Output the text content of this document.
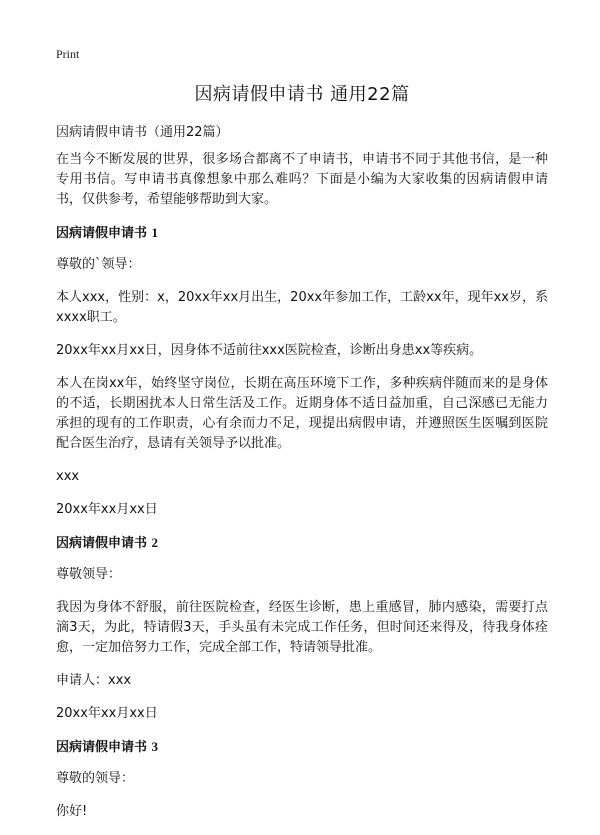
Print
因病请假申请书 通用22篇
因病请假申请书（通用22篇）

在当今不断发展的世界，很多场合都离不了申请书，申请书不同于其他书信，是一种专用书信。写申请书真像想象中那么难吗？下面是小编为大家收集的因病请假申请书，仅供参考，希望能够帮助到大家。

因病请假申请书 1

尊敬的`领导：

本人xxx，性别：x，20xx年xx月出生，20xx年参加工作，工龄xx年，现年xx岁，系xxxx职工。

20xx年xx月xx日，因身体不适前往xxx医院检查，诊断出身患xx等疾病。

本人在岗xx年，始终坚守岗位，长期在高压环境下工作，多种疾病伴随而来的是身体的不适，长期困扰本人日常生活及工作。近期身体不适日益加重，自己深感已无能力承担的现有的工作职责，心有余而力不足，现提出病假申请，并遵照医生医嘱到医院配合医生治疗，恳请有关领导予以批准。

xxx

20xx年xx月xx日

因病请假申请书 2

尊敬领导：

我因为身体不舒服，前往医院检查，经医生诊断，患上重感冒，肺内感染，需要打点滴3天，为此，特请假3天，手头虽有未完成工作任务，但时间还来得及，待我身体痊愈，一定加倍努力工作，完成全部工作，特请领导批准。

申请人：xxx

20xx年xx月xx日

因病请假申请书 3

尊敬的领导：

你好!
